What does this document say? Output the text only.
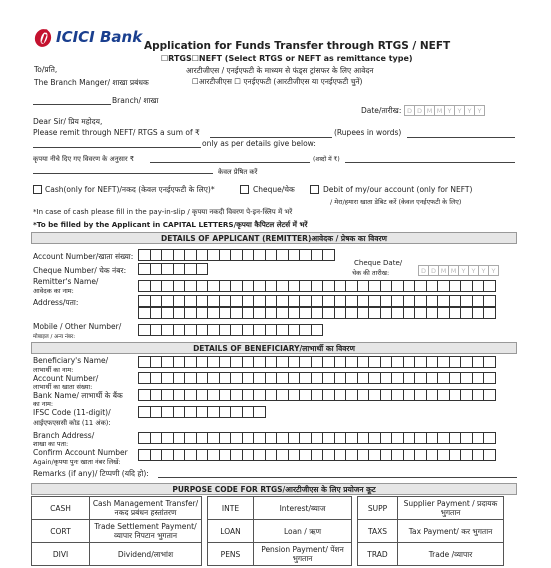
ICICI Bank Application for Funds Transfer through RTGS / NEFT
☐RTGS☐NEFT (Select RTGS or NEFT as remittance type)
आरटीजीएस / एनईएफटी के माध्यम से फंड्स ट्रांसफर के लिए आवेदन
☐आरटीजीएस ☐ एनईएफटी (आरटीजीएस या एनईएफटी चुनें)
To/प्रति,
The Branch Manger/ शाखा प्रबंधक
Branch/ शाखा
Date/तारीख: D D M M Y Y Y Y
Dear Sir/ प्रिय महोदय,
Please remit through NEFT/ RTGS a sum of ₹	(Rupees in words)
only as per details give below:
कृपया नीचे दिए गए विवरण के अनुसार ₹	(शब्दों में ₹)
केवल प्रेषित करें
Cash(only for NEFT)/नकद (केवल एनईएफटी के लिए)*	Cheque/चेक	Debit of my/our account (only for NEFT)
/ मेरा/हमारा खाता डेबिट करें (केवल एनईएफटी के लिए)
*In case of cash please fill in the pay-in-slip / कृपया नकदी विवरण पे-इन-स्लिप में भरें
*To be filled by the Applicant in CAPITAL LETTERS/कृपया कैपिटल लेटर्स में भरें
DETAILS OF APPLICANT (REMITTER)आवेदक / प्रेषक का विवरण
Account Number/खाता संख्या:
Cheque Number/ चेक नंबर:
Cheque Date/
चेक की तारीख:	D D M M Y Y Y Y
Remitter's Name/
आवेदक का नाम:
Address/पता:
Mobile / Other Number/
मोबाइल / अन्य नंबर:
DETAILS OF BENEFICIARY/लाभार्थी का विवरण
Beneficiary's Name/
लाभार्थी का नाम:
Account Number/
लाभार्थी का खाता संख्या:
Bank Name/ लाभार्थी के बैंक
का नाम:
IFSC Code (11-digit)/
आईएफएससी कोड (11 अंक):
Branch Address/
शाखा का पता:
Confirm Account Number
Again/कृपया पुनः खाता नंबर लिखें:
Remarks (if any)/ टिप्पणी (यदि हो):
PURPOSE CODE FOR RTGS/आरटीजीएस के लिए प्रयोजन कूट
CASH	Cash Management Transfer/ नकद प्रबंधन हस्तांतरण		INTE	Interest/ब्याज		SUPP	Supplier Payment / प्रदायक भुगतान
CORT	Trade Settlement Payment/ व्यापार निपटान भुगतान		LOAN	Loan / ऋण		TAXS	Tax Payment/ कर भुगतान
DIVI	Dividend/लाभांश		PENS	Pension Payment/ पेंशन भुगतान		TRAD	Trade /व्यापार
